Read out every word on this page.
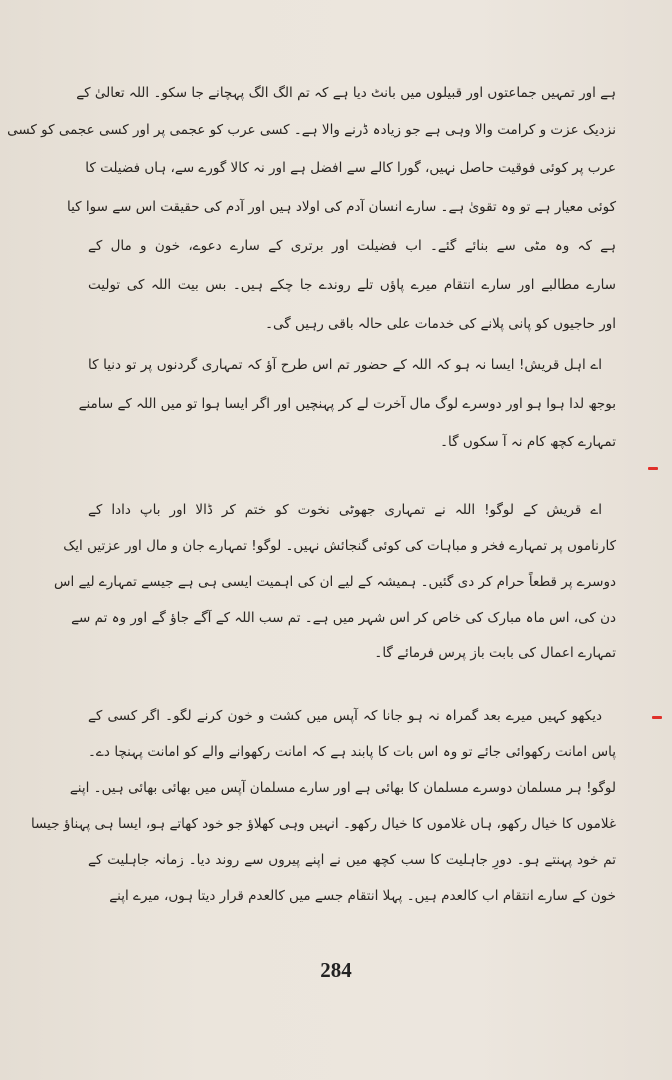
ہے اور تمہیں جماعتوں اور قبیلوں میں بانٹ دیا ہے کہ تم الگ الگ پہچانے جا سکو۔ اللہ تعالیٰ کے
نزدیک عزت و کرامت والا وہی ہے جو زیادہ ڈرنے والا ہے۔ کسی عرب کو عجمی پر اور کسی عجمی کو کسی
عرب پر کوئی فوقیت حاصل نہیں، گورا کالے سے افضل ہے اور نہ کالا گورے سے، ہاں فضیلت کا
کوئی معیار ہے تو وہ تقویٰ ہے۔ سارے انسان آدم کی اولاد ہیں اور آدم کی حقیقت اس سے سوا کیا
ہے کہ وہ مٹی سے بنائے گئے۔ اب فضیلت اور برتری کے سارے دعوے، خون و مال کے
سارے مطالبے اور سارے انتقام میرے پاؤں تلے روندے جا چکے ہیں۔ بس بیت اللہ کی تولیت
اور حاجیوں کو پانی پلانے کی خدمات علی حالہ باقی رہیں گی۔
اے اہل قریش! ایسا نہ ہو کہ اللہ کے حضور تم اس طرح آؤ کہ تمہاری گردنوں پر تو دنیا کا
بوجھ لدا ہوا ہو اور دوسرے لوگ مال آخرت لے کر پہنچیں اور اگر ایسا ہوا تو میں اللہ کے سامنے
تمہارے کچھ کام نہ آ سکوں گا۔
اے قریش کے لوگو! اللہ نے تمہاری جھوٹی نخوت کو ختم کر ڈالا اور باپ دادا کے
کارناموں پر تمہارے فخر و مباہات کی کوئی گنجائش نہیں۔ لوگو! تمہارے جان و مال اور عزتیں ایک
دوسرے پر قطعاً حرام کر دی گئیں۔ ہمیشہ کے لیے ان کی اہمیت ایسی ہی ہے جیسے تمہارے لیے اس
دن کی، اس ماہ مبارک کی خاص کر اس شہر میں ہے۔ تم سب اللہ کے آگے جاؤ گے اور وہ تم سے
تمہارے اعمال کی بابت باز پرس فرمائے گا۔
دیکھو کہیں میرے بعد گمراہ نہ ہو جانا کہ آپس میں کشت و خون کرنے لگو۔ اگر کسی کے
پاس امانت رکھوائی جائے تو وہ اس بات کا پابند ہے کہ امانت رکھوانے والے کو امانت پہنچا دے۔
لوگو! ہر مسلمان دوسرے مسلمان کا بھائی ہے اور سارے مسلمان آپس میں بھائی بھائی ہیں۔ اپنے
غلاموں کا خیال رکھو، ہاں غلاموں کا خیال رکھو۔ انہیں وہی کھلاؤ جو خود کھاتے ہو، ایسا ہی پہناؤ جیسا
تم خود پہنتے ہو۔ دورِ جاہلیت کا سب کچھ میں نے اپنے پیروں سے روند دیا۔ زمانہ جاہلیت کے
خون کے سارے انتقام اب کالعدم ہیں۔ پہلا انتقام جسے میں کالعدم قرار دیتا ہوں، میرے اپنے
284
